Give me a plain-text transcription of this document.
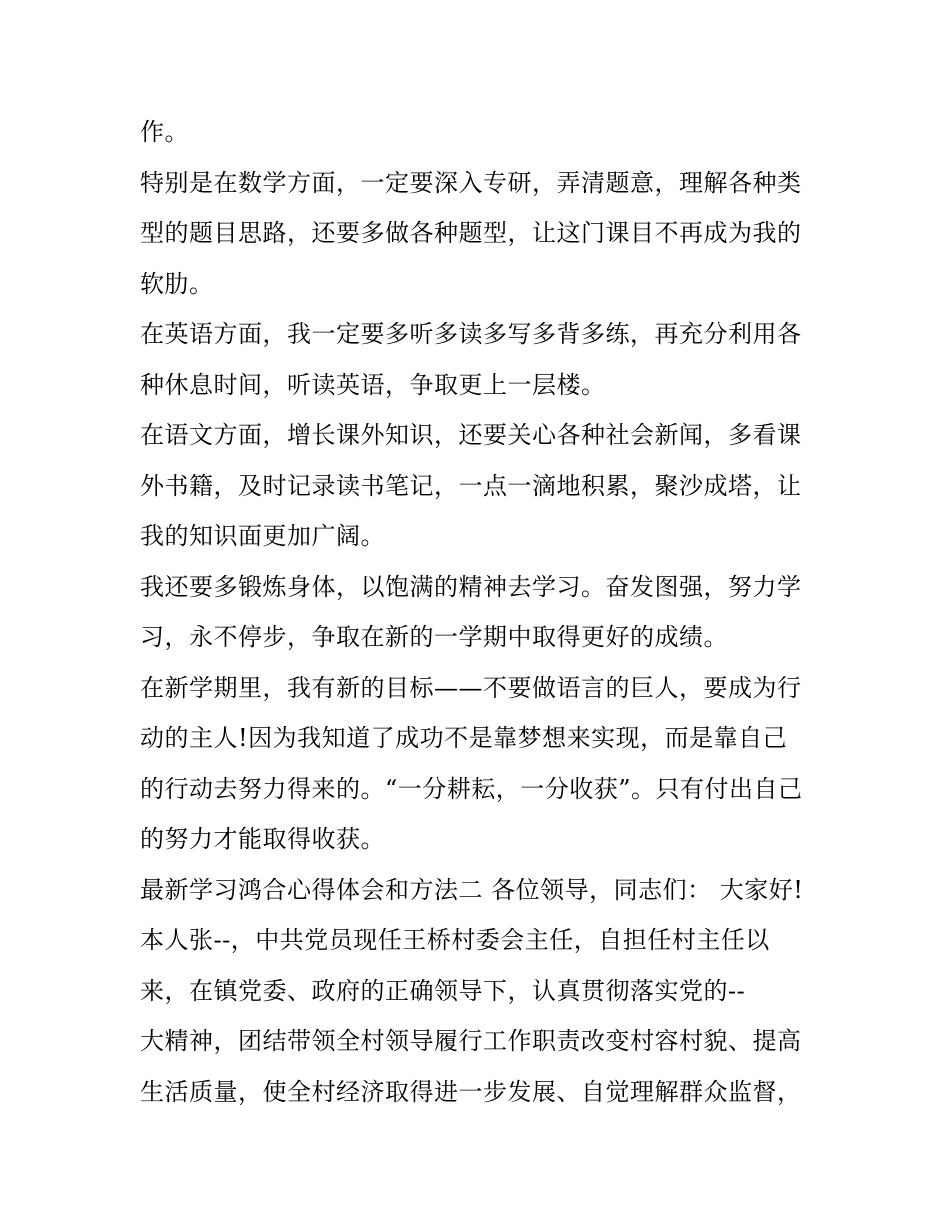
作。
特别是在数学方面，一定要深入专研，弄清题意，理解各种类
型的题目思路，还要多做各种题型，让这门课目不再成为我的
软肋。
在英语方面，我一定要多听多读多写多背多练，再充分利用各
种休息时间，听读英语，争取更上一层楼。
在语文方面，增长课外知识，还要关心各种社会新闻，多看课
外书籍，及时记录读书笔记，一点一滴地积累，聚沙成塔，让
我的知识面更加广阔。
我还要多锻炼身体，以饱满的精神去学习。奋发图强，努力学
习，永不停步，争取在新的一学期中取得更好的成绩。
在新学期里，我有新的目标——不要做语言的巨人，要成为行
动的主人!因为我知道了成功不是靠梦想来实现，而是靠自己
的行动去努力得来的。“一分耕耘，一分收获”。只有付出自己
的努力才能取得收获。
最新学习鸿合心得体会和方法二 各位领导，同志们： 大家好!
本人张--，中共党员现任王桥村委会主任，自担任村主任以
来，在镇党委、政府的正确领导下，认真贯彻落实党的--
大精神，团结带领全村领导履行工作职责改变村容村貌、提高
生活质量，使全村经济取得进一步发展、自觉理解群众监督，
